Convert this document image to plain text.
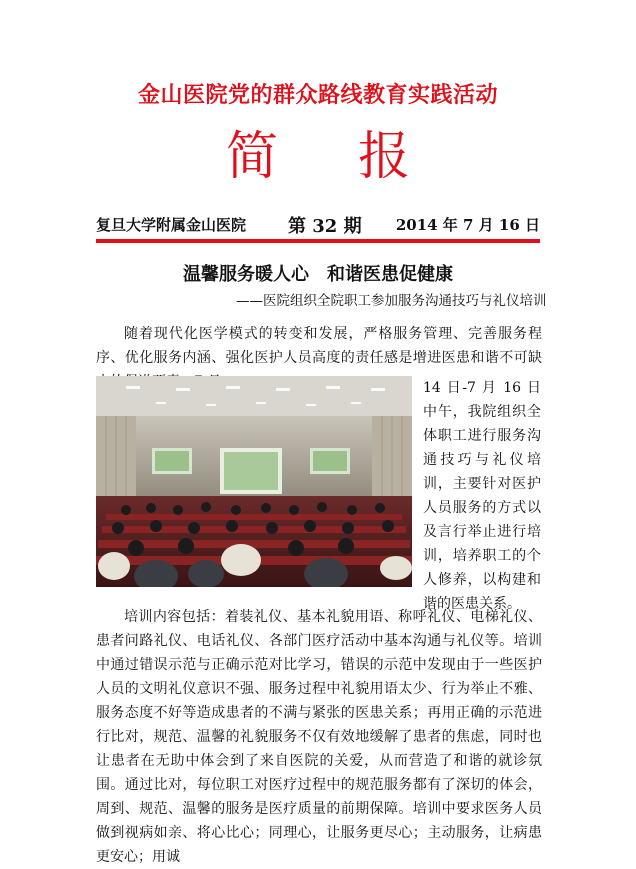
金山医院党的群众路线教育实践活动
简 报
复旦大学附属金山医院 第 32 期 2014 年 7 月 16 日
温馨服务暖人心　和谐医患促健康
——医院组织全院职工参加服务沟通技巧与礼仪培训

随着现代化医学模式的转变和发展，严格服务管理、完善服务程序、优化服务内涵、强化医护人员高度的责任感是增进医患和谐不可缺

14 日-7 月 16 日中午，我院组织全体职工进行服务沟通技巧与礼仪培训，主要针对医护人员服务的方式以及言行举止进行培训，培养职工的个人修养，以构建和谐的医患关系。

培训内容包括：着装礼仪、基本礼貌用语、称呼礼仪、电梯礼仪、患者问路礼仪、电话礼仪、各部门医疗活动中基本沟通与礼仪等。培训中通过错误示范与正确示范对比学习，错误的示范中发现由于一些医护人员的文明礼仪意识不强、服务过程中礼貌用语太少、行为举止不雅、服务态度不好等造成患者的不满与紧张的医患关系；再用正确的示范进行比对，规范、温馨的礼貌服务不仅有效地缓解了患者的焦虑，同时也让患者在无助中体会到了来自医院的关爱，从而营造了和谐的就诊氛围。通过比对，每位职工对医疗过程中的规范服务都有了深切的体会，周到、规范、温馨的服务是医疗质量的前期保障。培训中要求医务人员做到视病如亲、将心比心；同理心，让服务更尽心；主动服务，让病患更安心；用诚
